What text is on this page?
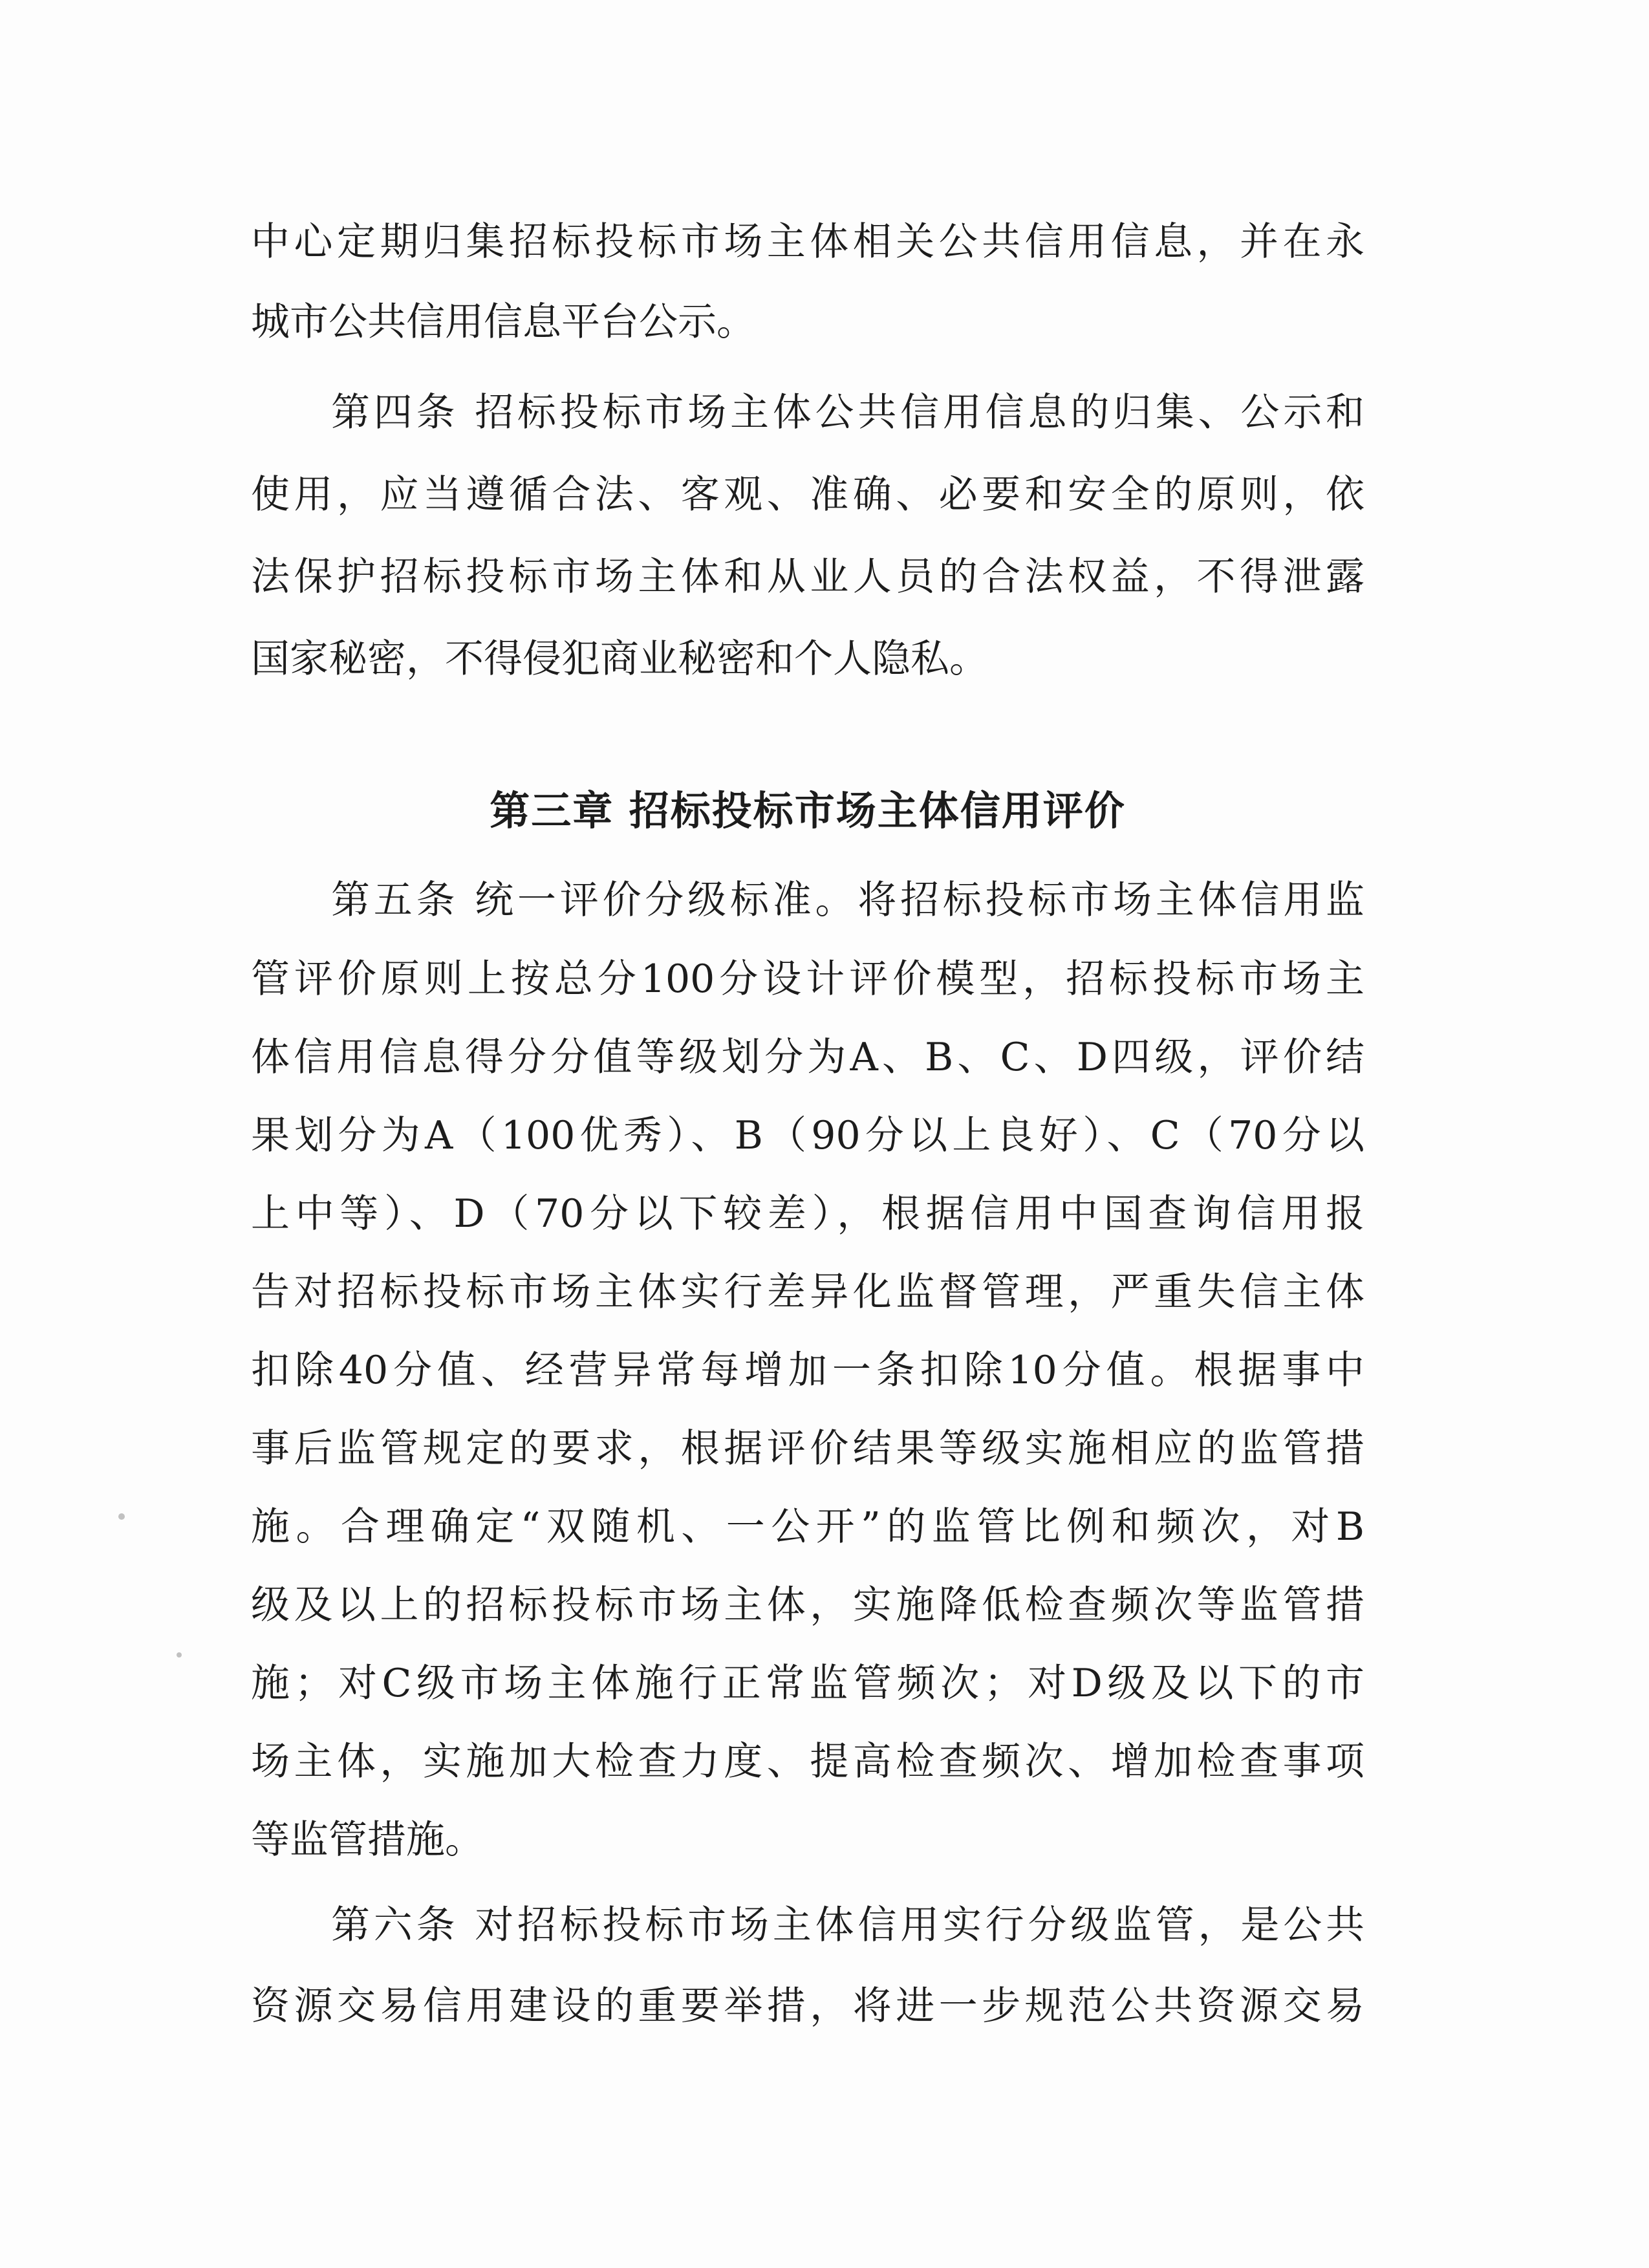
中心定期归集招标投标市场主体相关公共信用信息，并在永
城市公共信用信息平台公示。
第四条 招标投标市场主体公共信用信息的归集、公示和
使用，应当遵循合法、客观、准确、必要和安全的原则，依
法保护招标投标市场主体和从业人员的合法权益，不得泄露
国家秘密，不得侵犯商业秘密和个人隐私。
第三章 招标投标市场主体信用评价
第五条 统一评价分级标准。将招标投标市场主体信用监
管评价原则上按总分100分设计评价模型，招标投标市场主
体信用信息得分分值等级划分为A、B、C、D四级，评价结
果划分为A（100优秀）、B（90分以上良好）、C（70分以
上中等）、D（70分以下较差），根据信用中国查询信用报
告对招标投标市场主体实行差异化监督管理，严重失信主体
扣除40分值、经营异常每增加一条扣除10分值。根据事中
事后监管规定的要求，根据评价结果等级实施相应的监管措
施。合理确定“双随机、一公开”的监管比例和频次，对B
级及以上的招标投标市场主体，实施降低检查频次等监管措
施；对C级市场主体施行正常监管频次；对D级及以下的市
场主体，实施加大检查力度、提高检查频次、增加检查事项
等监管措施。
第六条 对招标投标市场主体信用实行分级监管，是公共
资源交易信用建设的重要举措，将进一步规范公共资源交易
